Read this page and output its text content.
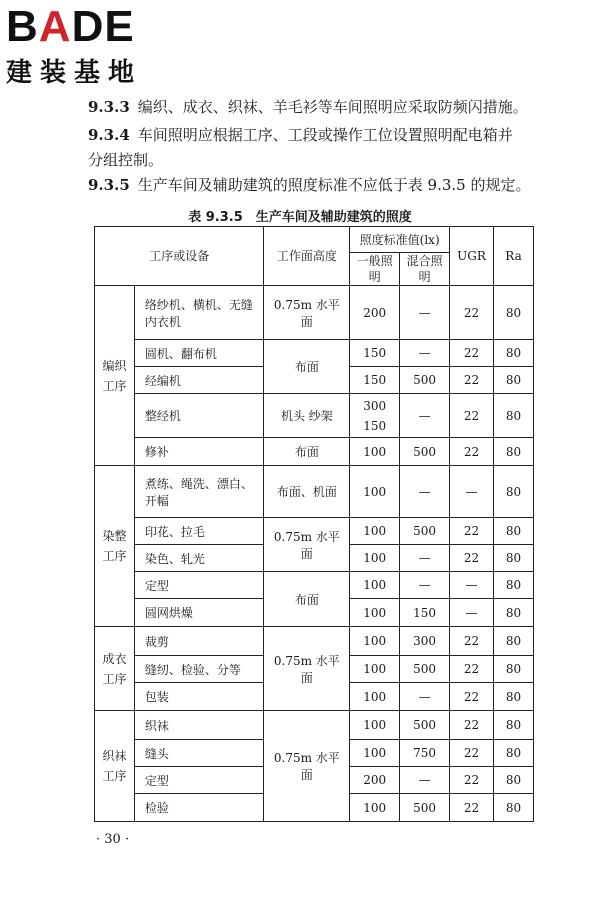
BADE
建装基地
9.3.3 编织、成衣、织袜、羊毛衫等车间照明应采取防频闪措施。
9.3.4 车间照明应根据工序、工段或操作工位设置照明配电箱并
分组控制。
9.3.5 生产车间及辅助建筑的照度标准不应低于表 9.3.5 的规定。
表 9.3.5　生产车间及辅助建筑的照度
工序或设备		工作面高度	照度标准值(lx)		UGR	Ra
			一般照明	混合照明		
编织工序	络纱机、横机、无缝内衣机	0.75m 水平面	200	—	22	80
	圆机、翻布机	布面	150	—	22	80
	经编机		150	500	22	80
	整经机	机头 纱架	300 150	—	22	80
	修补	布面	100	500	22	80
染整工序	煮练、绳洗、漂白、开幅	布面、机面	100	—	—	80
	印花、拉毛	0.75m 水平面	100	500	22	80
	染色、轧光		100	—	22	80
	定型	布面	100	—	—	80
	圆网烘燥		100	150	—	80
成衣工序	裁剪	0.75m 水平面	100	300	22	80
	缝纫、检验、分等		100	500	22	80
	包装		100	—	22	80
织袜工序	织袜	0.75m 水平面	100	500	22	80
	缝头		100	750	22	80
	定型		200	—	22	80
	检验		100	500	22	80
· 30 ·
